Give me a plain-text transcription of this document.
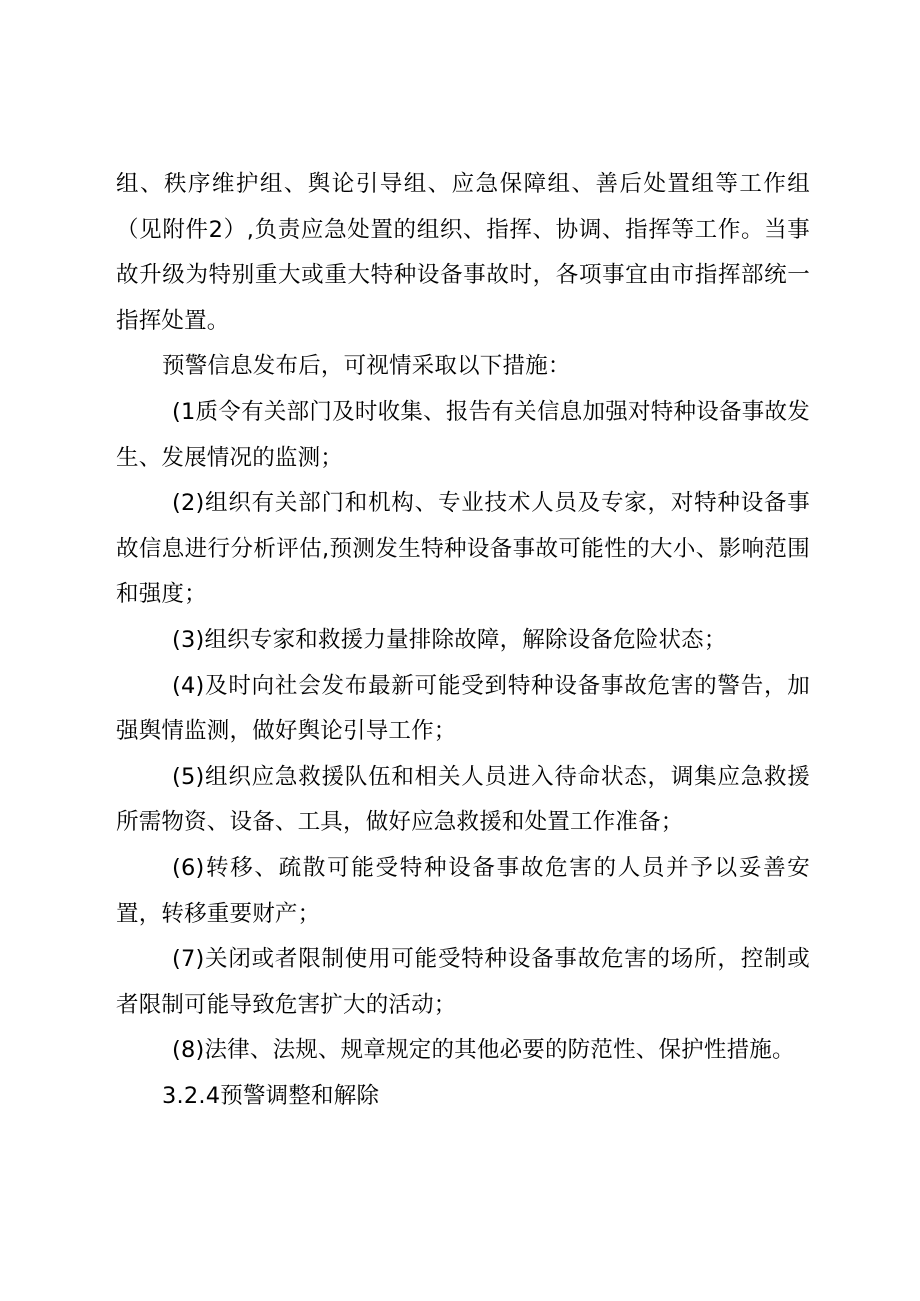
组、秩序维护组、舆论引导组、应急保障组、善后处置组等工作组（见附件2）,负责应急处置的组织、指挥、协调、指挥等工作。当事故升级为特别重大或重大特种设备事故时，各项事宜由市指挥部统一指挥处置。

预警信息发布后，可视情采取以下措施：

(1质令有关部门及时收集、报告有关信息加强对特种设备事故发生、发展情况的监测；

(2)组织有关部门和机构、专业技术人员及专家，对特种设备事故信息进行分析评估,预测发生特种设备事故可能性的大小、影响范围和强度；

(3)组织专家和救援力量排除故障，解除设备危险状态；

(4)及时向社会发布最新可能受到特种设备事故危害的警告，加强舆情监测，做好舆论引导工作；

(5)组织应急救援队伍和相关人员进入待命状态，调集应急救援所需物资、设备、工具，做好应急救援和处置工作准备；

(6)转移、疏散可能受特种设备事故危害的人员并予以妥善安置，转移重要财产；

(7)关闭或者限制使用可能受特种设备事故危害的场所，控制或者限制可能导致危害扩大的活动；

(8)法律、法规、规章规定的其他必要的防范性、保护性措施。

3.2.4预警调整和解除
